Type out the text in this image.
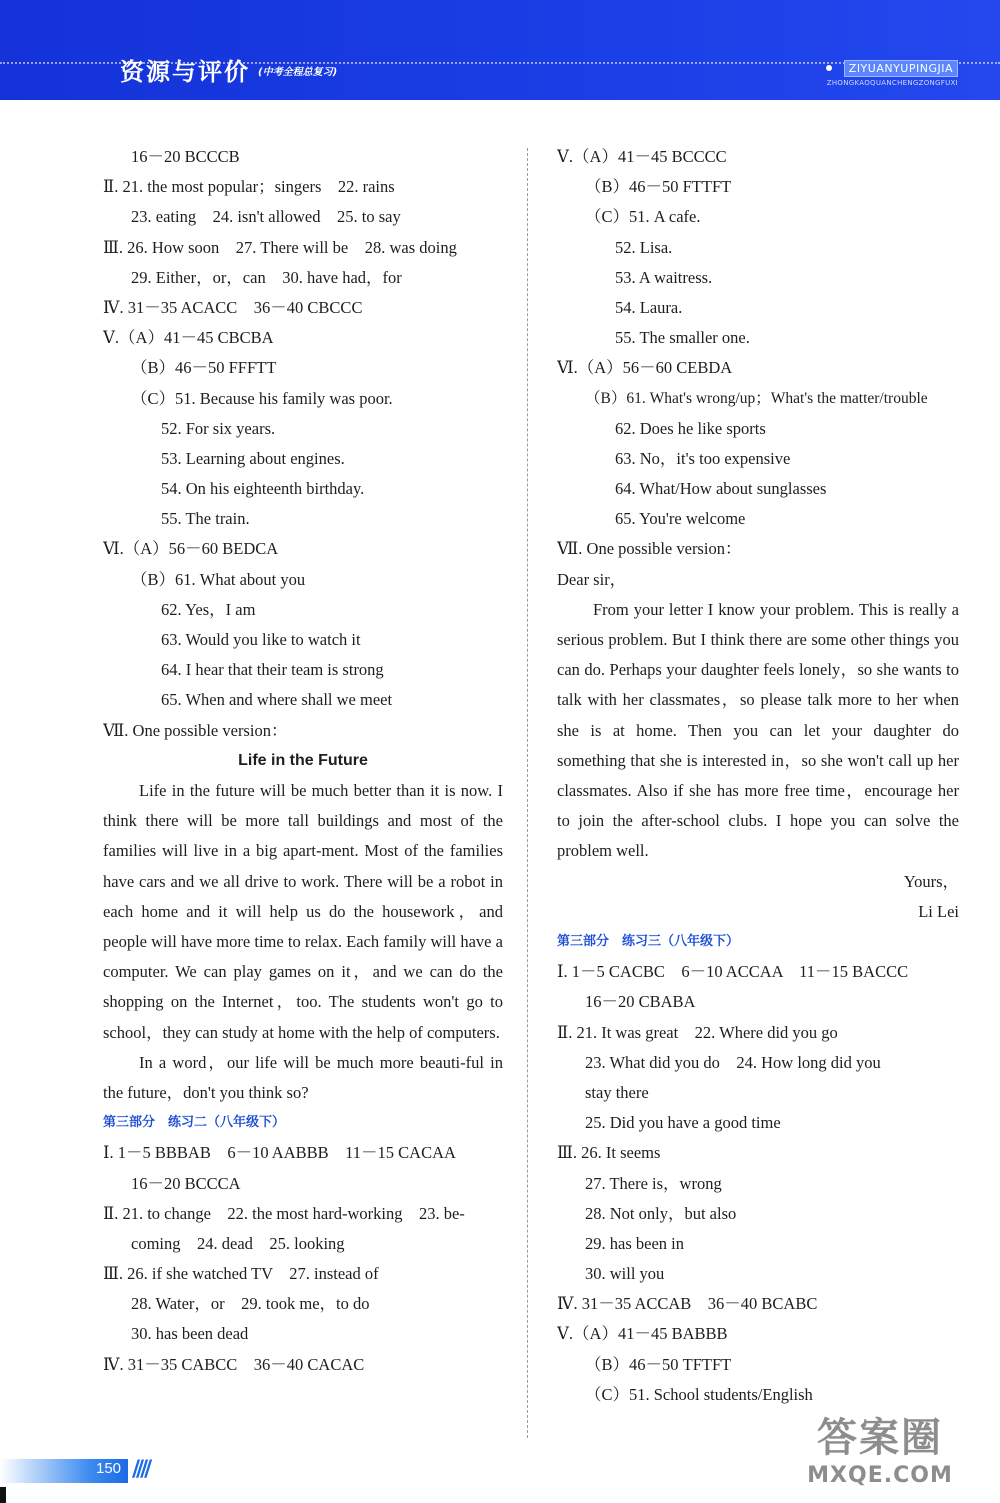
资源与评价 (中考全程总复习)	ZIYUANYUPINGJIA
ZHONGKAOQUANCHENGZONGFUXI
16－20 BCCCB
Ⅱ. 21. the most popular；singers　22. rains
23. eating　24. isn't allowed　25. to say
Ⅲ. 26. How soon　27. There will be　28. was doing
29. Either，or，can　30. have had，for
Ⅳ. 31－35 ACACC　36－40 CBCCC
Ⅴ.（A）41－45 CBCBA
（B）46－50 FFFTT
（C）51. Because his family was poor.
52. For six years.
53. Learning about engines.
54. On his eighteenth birthday.
55. The train.
Ⅵ.（A）56－60 BEDCA
（B）61. What about you
62. Yes，I am
63. Would you like to watch it
64. I hear that their team is strong
65. When and where shall we meet
Ⅶ. One possible version：
Life in the Future
Life in the future will be much better than it is now. I think there will be more tall buildings and most of the families will live in a big apart-ment. Most of the families have cars and we all drive to work. There will be a robot in each home and it will help us do the housework，and people will have more time to relax. Each family will have a computer. We can play games on it，and we can do the shopping on the Internet，too. The students won't go to school，they can study at home with the help of computers.
In a word，our life will be much more beauti-ful in the future，don't you think so?
第三部分　练习二（八年级下）
Ⅰ. 1－5 BBBAB　6－10 AABBB　11－15 CACAA
16－20 BCCCA
Ⅱ. 21. to change　22. the most hard-working　23. be-
coming　24. dead　25. looking
Ⅲ. 26. if she watched TV　27. instead of
28. Water，or　29. took me，to do
30. has been dead
Ⅳ. 31－35 CABCC　36－40 CACAC
Ⅴ.（A）41－45 BCCCC
（B）46－50 FTTFT
（C）51. A cafe.
52. Lisa.
53. A waitress.
54. Laura.
55. The smaller one.
Ⅵ.（A）56－60 CEBDA
（B）61. What's wrong/up；What's the matter/trouble
62. Does he like sports
63. No，it's too expensive
64. What/How about sunglasses
65. You're welcome
Ⅶ. One possible version：
Dear sir，
From your letter I know your problem. This is really a serious problem. But I think there are some other things you can do. Perhaps your daughter feels lonely，so she wants to talk with her classmates，so please talk more to her when she is at home. Then you can let your daughter do something that she is interested in，so she won't call up her classmates. Also if she has more free time，encourage her to join the after-school clubs. I hope you can solve the problem well.
Yours，
Li Lei
第三部分　练习三（八年级下）
Ⅰ. 1－5 CACBC　6－10 ACCAA　11－15 BACCC
16－20 CBABA
Ⅱ. 21. It was great　22. Where did you go
23. What did you do　24. How long did you
stay there
25. Did you have a good time
Ⅲ. 26. It seems
27. There is，wrong
28. Not only，but also
29. has been in
30. will you
Ⅳ. 31－35 ACCAB　36－40 BCABC
Ⅴ.（A）41－45 BABBB
（B）46－50 TFTFT
（C）51. School students/English
150 ////
答案圈
MXQE.COM
